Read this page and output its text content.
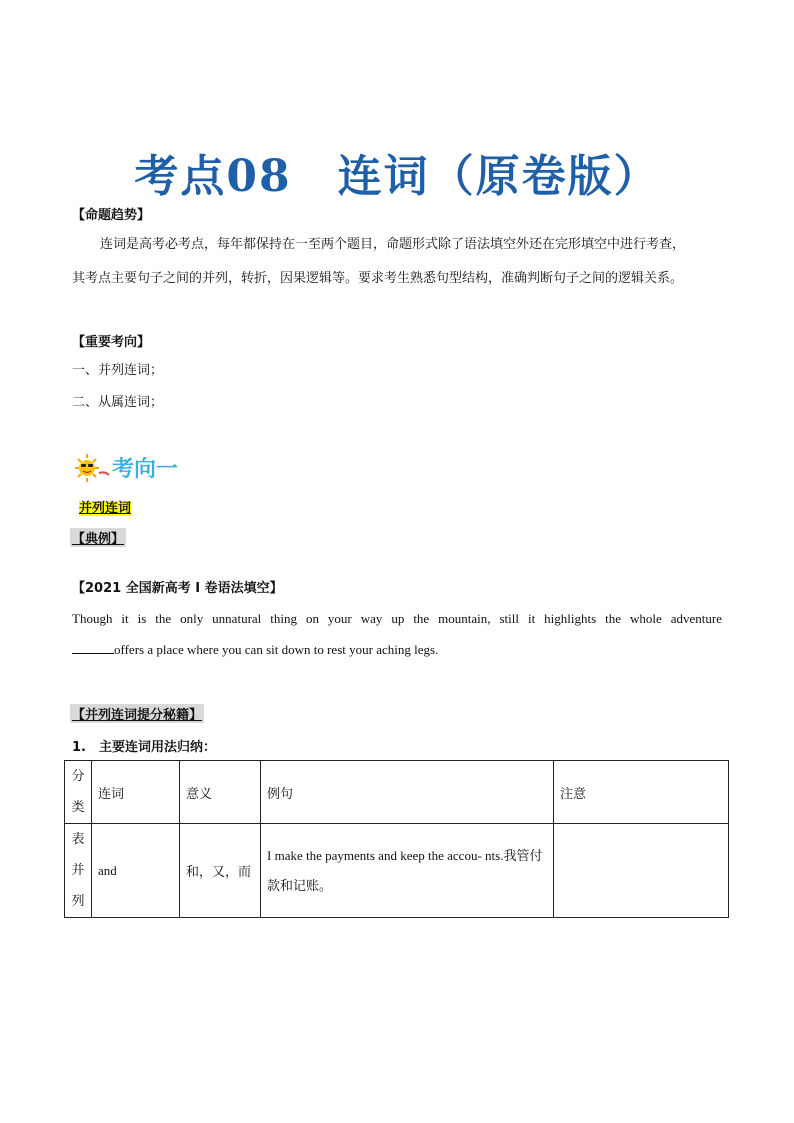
考点08　连词（原卷版）
【命题趋势】
连词是高考必考点，每年都保持在一至两个题目，命题形式除了语法填空外还在完形填空中进行考查，
其考点主要句子之间的并列，转折，因果逻辑等。要求考生熟悉句型结构，准确判断句子之间的逻辑关系。
【重要考向】
一、并列连词；
二、从属连词；
考向一
并列连词
【典例】
【2021 全国新高考 I 卷语法填空】
Though it is the only unnatural thing on your way up the mountain, still it highlights the whole adventure
offers a place where you can sit down to rest your aching legs.
【并列连词提分秘籍】
1.　主要连词用法归纳：
分类	连词	意义	例句	注意
表并列	and	和，又，而	I make the payments and keep the accou- nts.我管付款和记账。	
